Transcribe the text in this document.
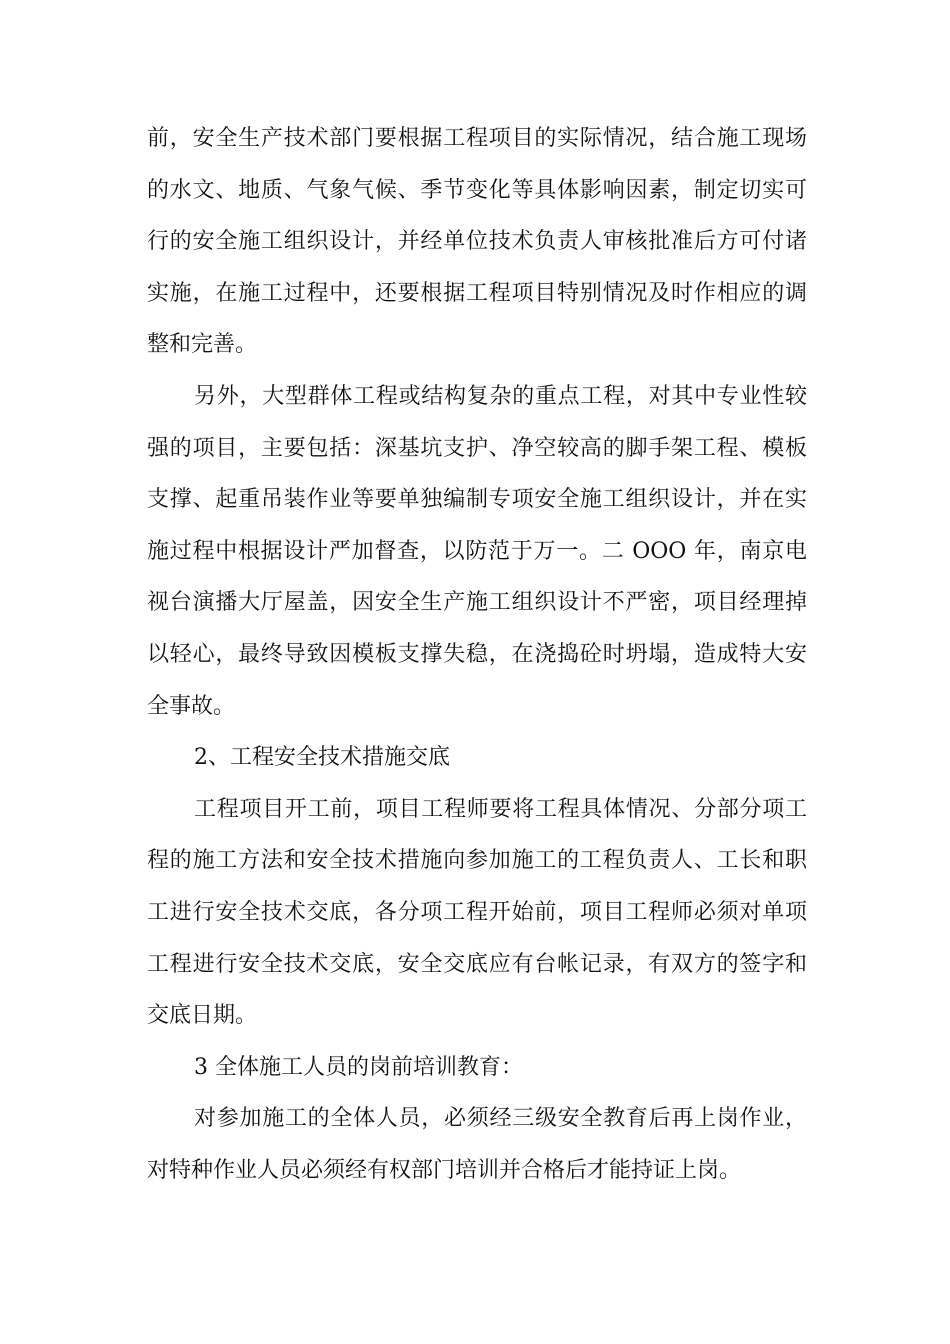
前，安全生产技术部门要根据工程项目的实际情况，结合施工现场
的水文、地质、气象气候、季节变化等具体影响因素，制定切实可
行的安全施工组织设计，并经单位技术负责人审核批准后方可付诸
实施，在施工过程中，还要根据工程项目特别情况及时作相应的调
整和完善。
另外，大型群体工程或结构复杂的重点工程，对其中专业性较
强的项目，主要包括：深基坑支护、净空较高的脚手架工程、模板
支撑、起重吊装作业等要单独编制专项安全施工组织设计，并在实
施过程中根据设计严加督查，以防范于万一。二 OOO 年，南京电
视台演播大厅屋盖，因安全生产施工组织设计不严密，项目经理掉
以轻心，最终导致因模板支撑失稳，在浇捣砼时坍塌，造成特大安
全事故。
2、工程安全技术措施交底
工程项目开工前，项目工程师要将工程具体情况、分部分项工
程的施工方法和安全技术措施向参加施工的工程负责人、工长和职
工进行安全技术交底，各分项工程开始前，项目工程师必须对单项
工程进行安全技术交底，安全交底应有台帐记录，有双方的签字和
交底日期。
3 全体施工人员的岗前培训教育：
对参加施工的全体人员，必须经三级安全教育后再上岗作业，
对特种作业人员必须经有权部门培训并合格后才能持证上岗。
